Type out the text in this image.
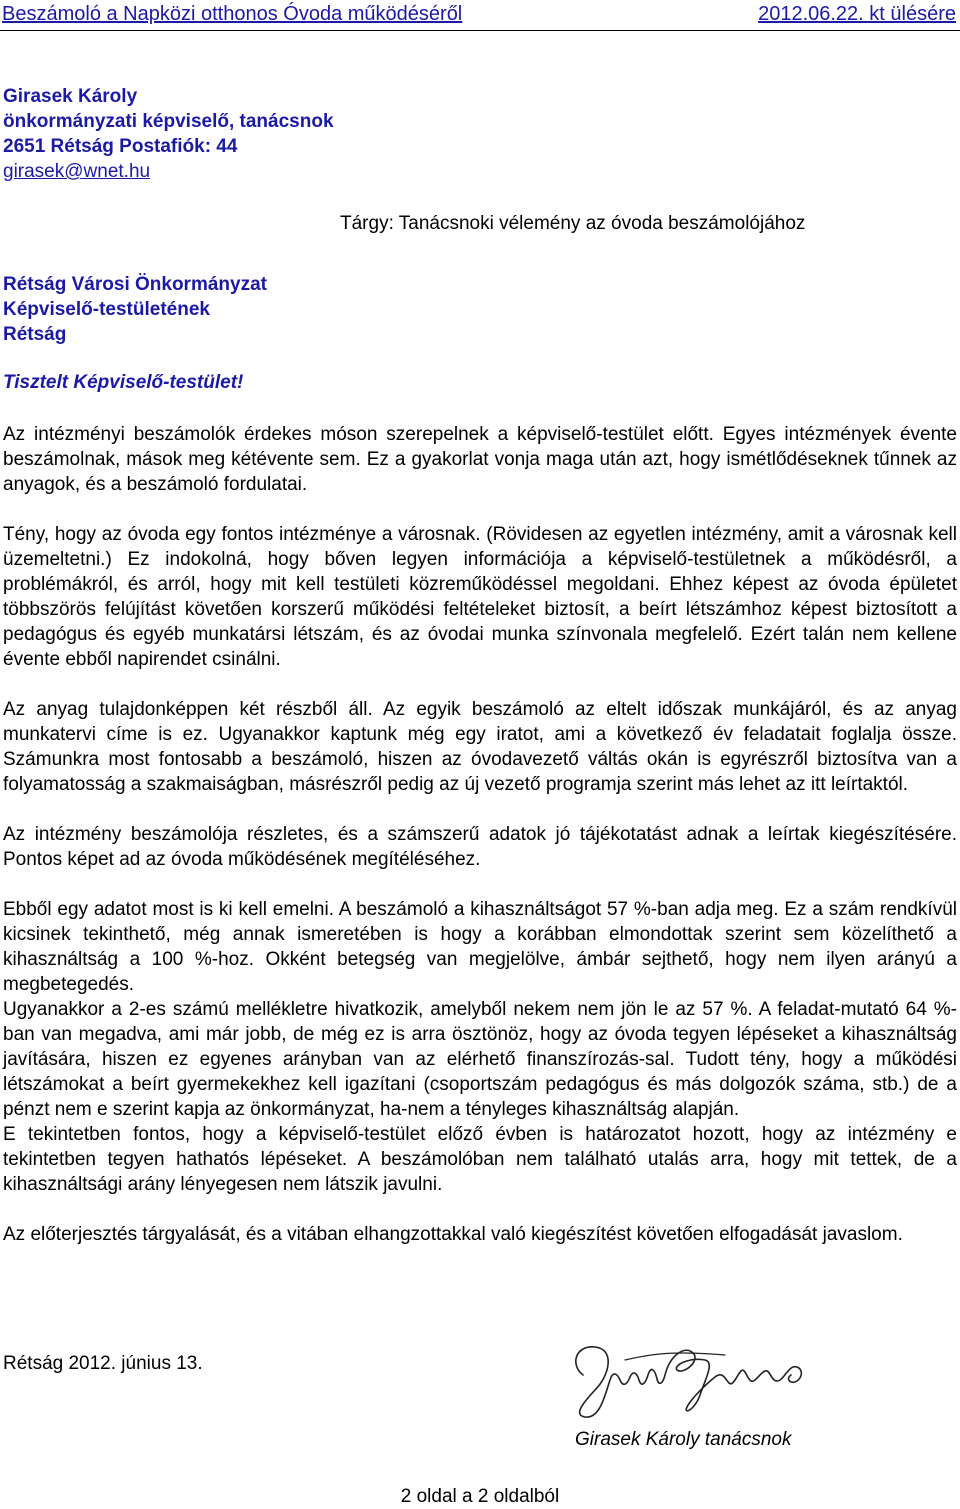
Beszámoló a Napközi otthonos Óvoda működéséről	2012.06.22. kt ülésére
Girasek Károly
önkormányzati képviselő, tanácsnok
2651 Rétság Postafiók: 44
girasek@wnet.hu
Tárgy: Tanácsnoki vélemény az óvoda beszámolójához
Rétság Városi Önkormányzat
Képviselő-testületének
Rétság
Tisztelt Képviselő-testület!

Az intézményi beszámolók érdekes móson szerepelnek a képviselő-testület előtt. Egyes intézmények évente beszámolnak, mások meg kétévente sem. Ez a gyakorlat vonja maga után azt, hogy ismétlődéseknek tűnnek az anyagok, és a beszámoló fordulatai.

Tény, hogy az óvoda egy fontos intézménye a városnak. (Rövidesen az egyetlen intézmény, amit a városnak kell üzemeltetni.) Ez indokolná, hogy bőven legyen információja a képviselő-testületnek a működésről, a problémákról, és arról, hogy mit kell testületi közreműködéssel megoldani. Ehhez képest az óvoda épületet többszörös felújítást követően korszerű működési feltételeket biztosít, a beírt létszámhoz képest biztosított a pedagógus és egyéb munkatársi létszám, és az óvodai munka színvonala megfelelő. Ezért talán nem kellene évente ebből napirendet csinálni.

Az anyag tulajdonképpen két részből áll. Az egyik beszámoló az eltelt időszak munkájáról, és az anyag munkatervi címe is ez. Ugyanakkor kaptunk még egy iratot, ami a következő év feladatait foglalja össze. Számunkra most fontosabb a beszámoló, hiszen az óvodavezető váltás okán is egyrészről biztosítva van a folyamatosság a szakmaiságban, másrészről pedig az új vezető programja szerint más lehet az itt leírtaktól.

Az intézmény beszámolója részletes, és a számszerű adatok jó tájékotatást adnak a leírtak kiegészítésére. Pontos képet ad az óvoda működésének megítéléséhez.

Ebből egy adatot most is ki kell emelni. A beszámoló a kihasználtságot 57 %-ban adja meg. Ez a szám rendkívül kicsinek tekinthető, még annak ismeretében is hogy a korábban elmondottak szerint sem közelíthető a kihasználtság a 100 %-hoz. Okként betegség van megjelölve, ámbár sejthető, hogy nem ilyen arányú a megbetegedés.

Ugyanakkor a 2-es számú mellékletre hivatkozik, amelyből nekem nem jön le az 57 %. A feladat-mutató 64 %-ban van megadva, ami már jobb, de még ez is arra ösztönöz, hogy az óvoda tegyen lépéseket a kihasználtság javítására, hiszen ez egyenes arányban van az elérhető finanszírozás-sal. Tudott tény, hogy a működési létszámokat a beírt gyermekekhez kell igazítani (csoportszám pedagógus és más dolgozók száma, stb.) de a pénzt nem e szerint kapja az önkormányzat, ha-nem a tényleges kihasználtság alapján.

E tekintetben fontos, hogy a képviselő-testület előző évben is határozatot hozott, hogy az intézmény e tekintetben tegyen hathatós lépéseket. A beszámolóban nem található utalás arra, hogy mit tettek, de a kihasználtsági arány lényegesen nem látszik javulni.

Az előterjesztés tárgyalását, és a vitában elhangzottakkal való kiegészítést követően elfogadását javaslom.

Rétság 2012. június 13.
Girasek Károly tanácsnok
2 oldal a 2 oldalból
